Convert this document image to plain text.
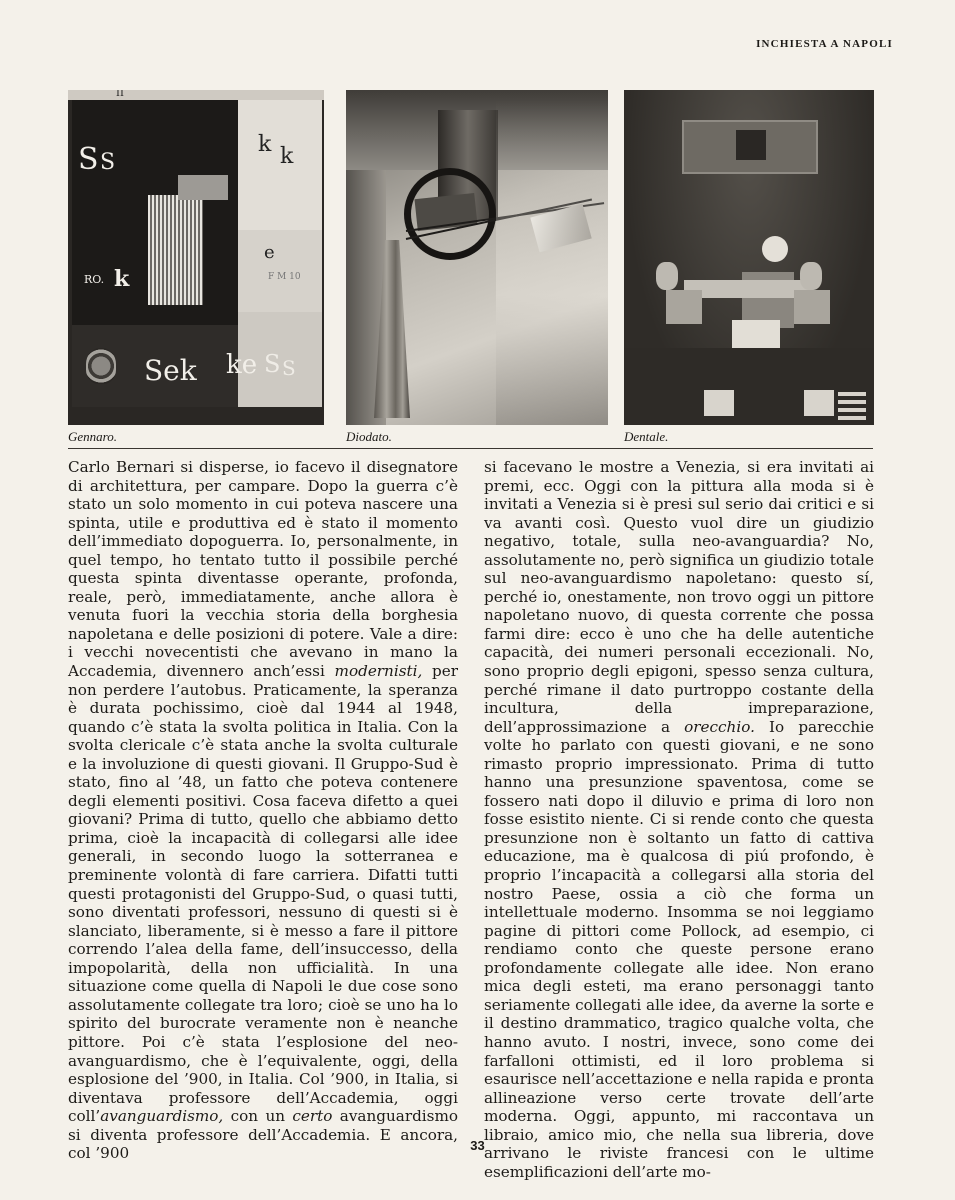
INCHIESTA A NAPOLI
II
S S
k k
RO. k
e
F M 10
Sek ke S S
Gennaro.	Diodato.	Dentale.

Carlo Bernari si disperse, io facevo il disegnatore di architettura, per campare. Dopo la guerra c’è stato un solo momento in cui poteva nascere una spinta, utile e produttiva ed è stato il momento dell’immediato dopoguerra. Io, personalmente, in quel tempo, ho tentato tutto il possibile perché questa spinta diventasse operante, profonda, reale, però, immediatamente, anche allora è venuta fuori la vecchia storia della borghesia napoletana e delle posizioni di potere. Vale a dire: i vecchi novecentisti che avevano in mano la Accademia, divennero anch’essi modernisti, per non perdere l’autobus. Praticamente, la speranza è durata pochissimo, cioè dal 1944 al 1948, quando c’è stata la svolta politica in Italia. Con la svolta clericale c’è stata anche la svolta culturale e la involuzione di questi giovani. Il Gruppo-Sud è stato, fino al ’48, un fatto che poteva contenere degli elementi positivi. Cosa faceva difetto a quei giovani? Prima di tutto, quello che abbiamo detto prima, cioè la incapacità di collegarsi alle idee generali, in secondo luogo la sotterranea e preminente volontà di fare carriera. Difatti tutti questi protagonisti del Gruppo-Sud, o quasi tutti, sono diventati professori, nessuno di questi si è slanciato, liberamente, si è messo a fare il pittore correndo l’alea della fame, dell’insuccesso, della impopolarità, della non ufficialità. In una situazione come quella di Napoli le due cose sono assolutamente collegate tra loro; cioè se uno ha lo spirito del burocrate veramente non è neanche pittore. Poi c’è stata l’esplosione del neo-avanguardismo, che è l’equivalente, oggi, della esplosione del ’900, in Italia. Col ’900, in Italia, si diventava professore dell’Accademia, oggi coll’avanguardismo, con un certo avanguardismo si diventa professore dell’Accademia. E ancora, col ’900

si facevano le mostre a Venezia, si era invitati ai premi, ecc. Oggi con la pittura alla moda si è invitati a Venezia si è presi sul serio dai critici e si va avanti così. Questo vuol dire un giudizio negativo, totale, sulla neo-avanguardia? No, assolutamente no, però significa un giudizio totale sul neo-avanguardismo napoletano: questo sí, perché io, onestamente, non trovo oggi un pittore napoletano nuovo, di questa corrente che possa farmi dire: ecco è uno che ha delle autentiche capacità, dei numeri personali eccezionali. No, sono proprio degli epigoni, spesso senza cultura, perché rimane il dato purtroppo costante della incultura, della impreparazione, dell’approssimazione a orecchio. Io parecchie volte ho parlato con questi giovani, e ne sono rimasto proprio impressionato. Prima di tutto hanno una presunzione spaventosa, come se fossero nati dopo il diluvio e prima di loro non fosse esistito niente. Ci si rende conto che questa presunzione non è soltanto un fatto di cattiva educazione, ma è qualcosa di piú profondo, è proprio l’incapacità a collegarsi alla storia del nostro Paese, ossia a ciò che forma un intellettuale moderno. Insomma se noi leggiamo pagine di pittori come Pollock, ad esempio, ci rendiamo conto che queste persone erano profondamente collegate alle idee. Non erano mica degli esteti, ma erano personaggi tanto seriamente collegati alle idee, da averne la sorte e il destino drammatico, tragico qualche volta, che hanno avuto. I nostri, invece, sono come dei farfalloni ottimisti, ed il loro problema si esaurisce nell’accettazione e nella rapida e pronta allineazione verso certe trovate dell’arte moderna. Oggi, appunto, mi raccontava un libraio, amico mio, che nella sua libreria, dove arrivano le riviste francesi con le ultime esemplificazioni dell’arte mo-

33
